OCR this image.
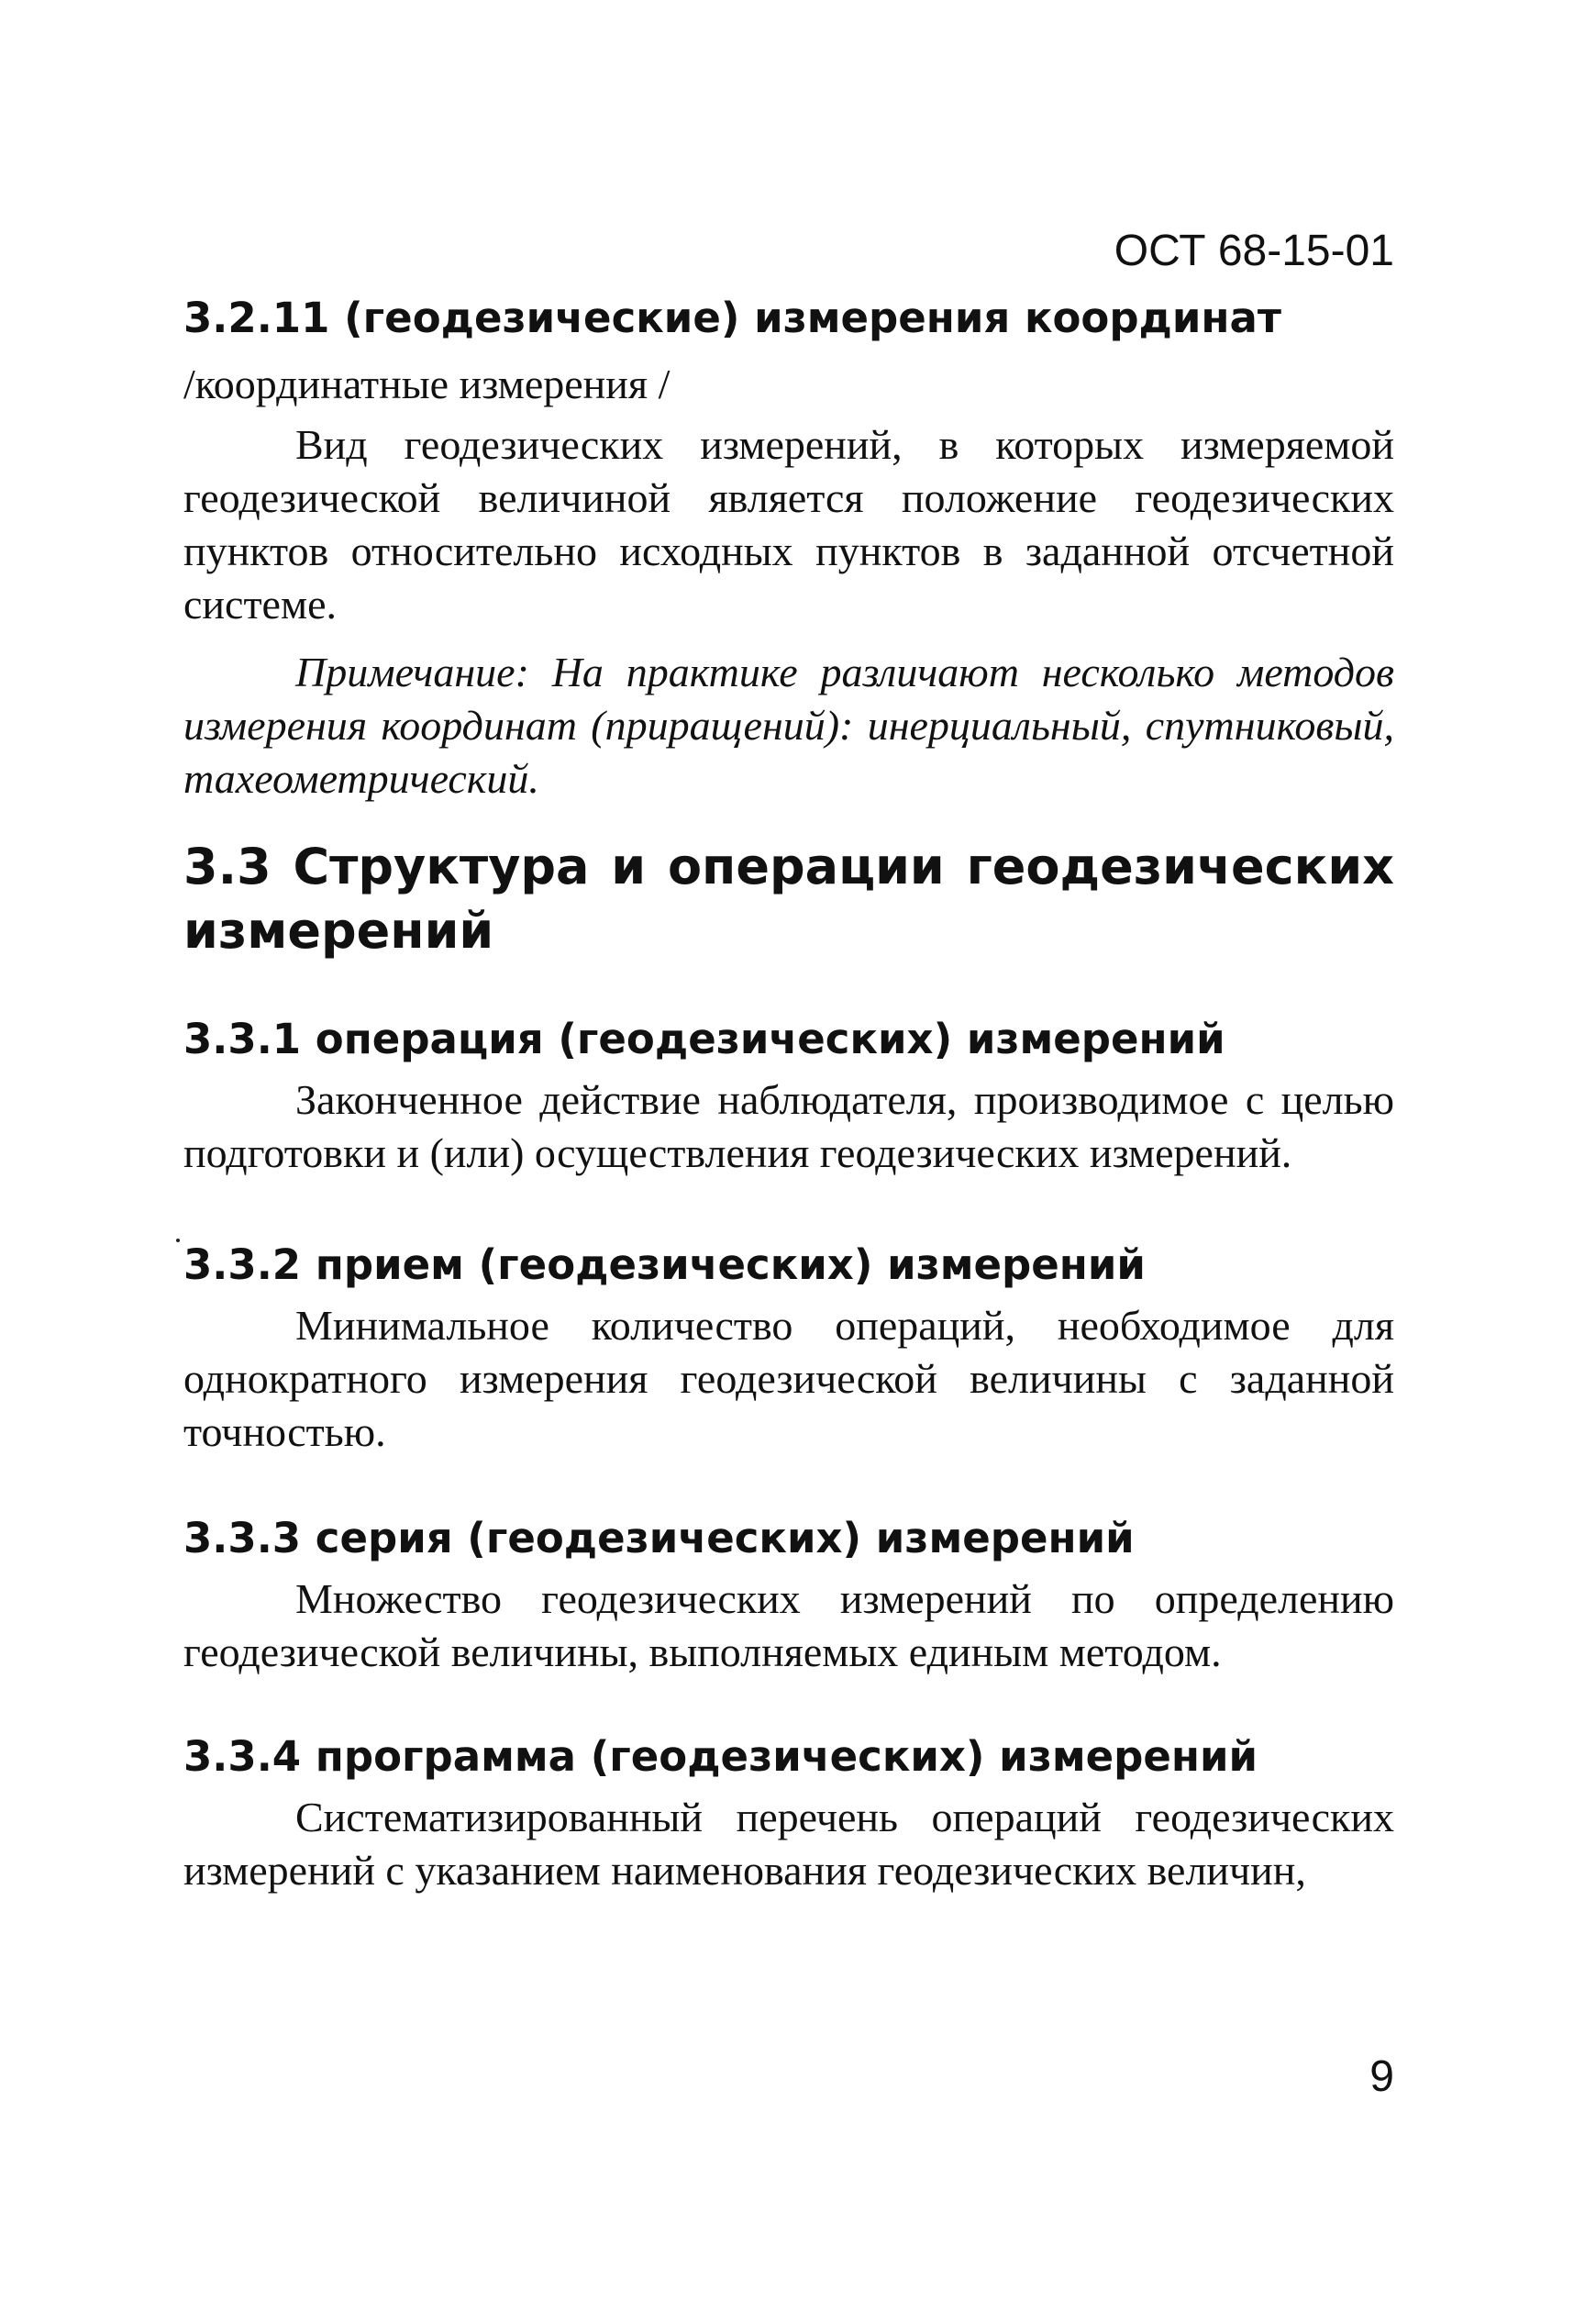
ОСТ 68-15-01

3.2.11 (геодезические) измерения координат

/координатные измерения /

Вид геодезических измерений, в которых измеряемой геодезической величиной является положение геодезических пунктов относительно исходных пунктов в заданной отсчетной системе.

Примечание: На практике различают несколько методов измерения координат (приращений): инерциальный, спутниковый, тахеометрический.

3.3 Структура и операции геодезических измерений

3.3.1 операция (геодезических) измерений

Законченное действие наблюдателя, производимое с целью подготовки и (или) осуществления геодезических измерений.

3.3.2 прием (геодезических) измерений

Минимальное количество операций, необходимое для однократного измерения геодезической величины с заданной точностью.

3.3.3 серия (геодезических) измерений

Множество геодезических измерений по определению геодезической величины, выполняемых единым методом.

3.3.4 программа (геодезических) измерений

Систематизированный перечень операций геодезических измерений с указанием наименования геодезических величин,

9
